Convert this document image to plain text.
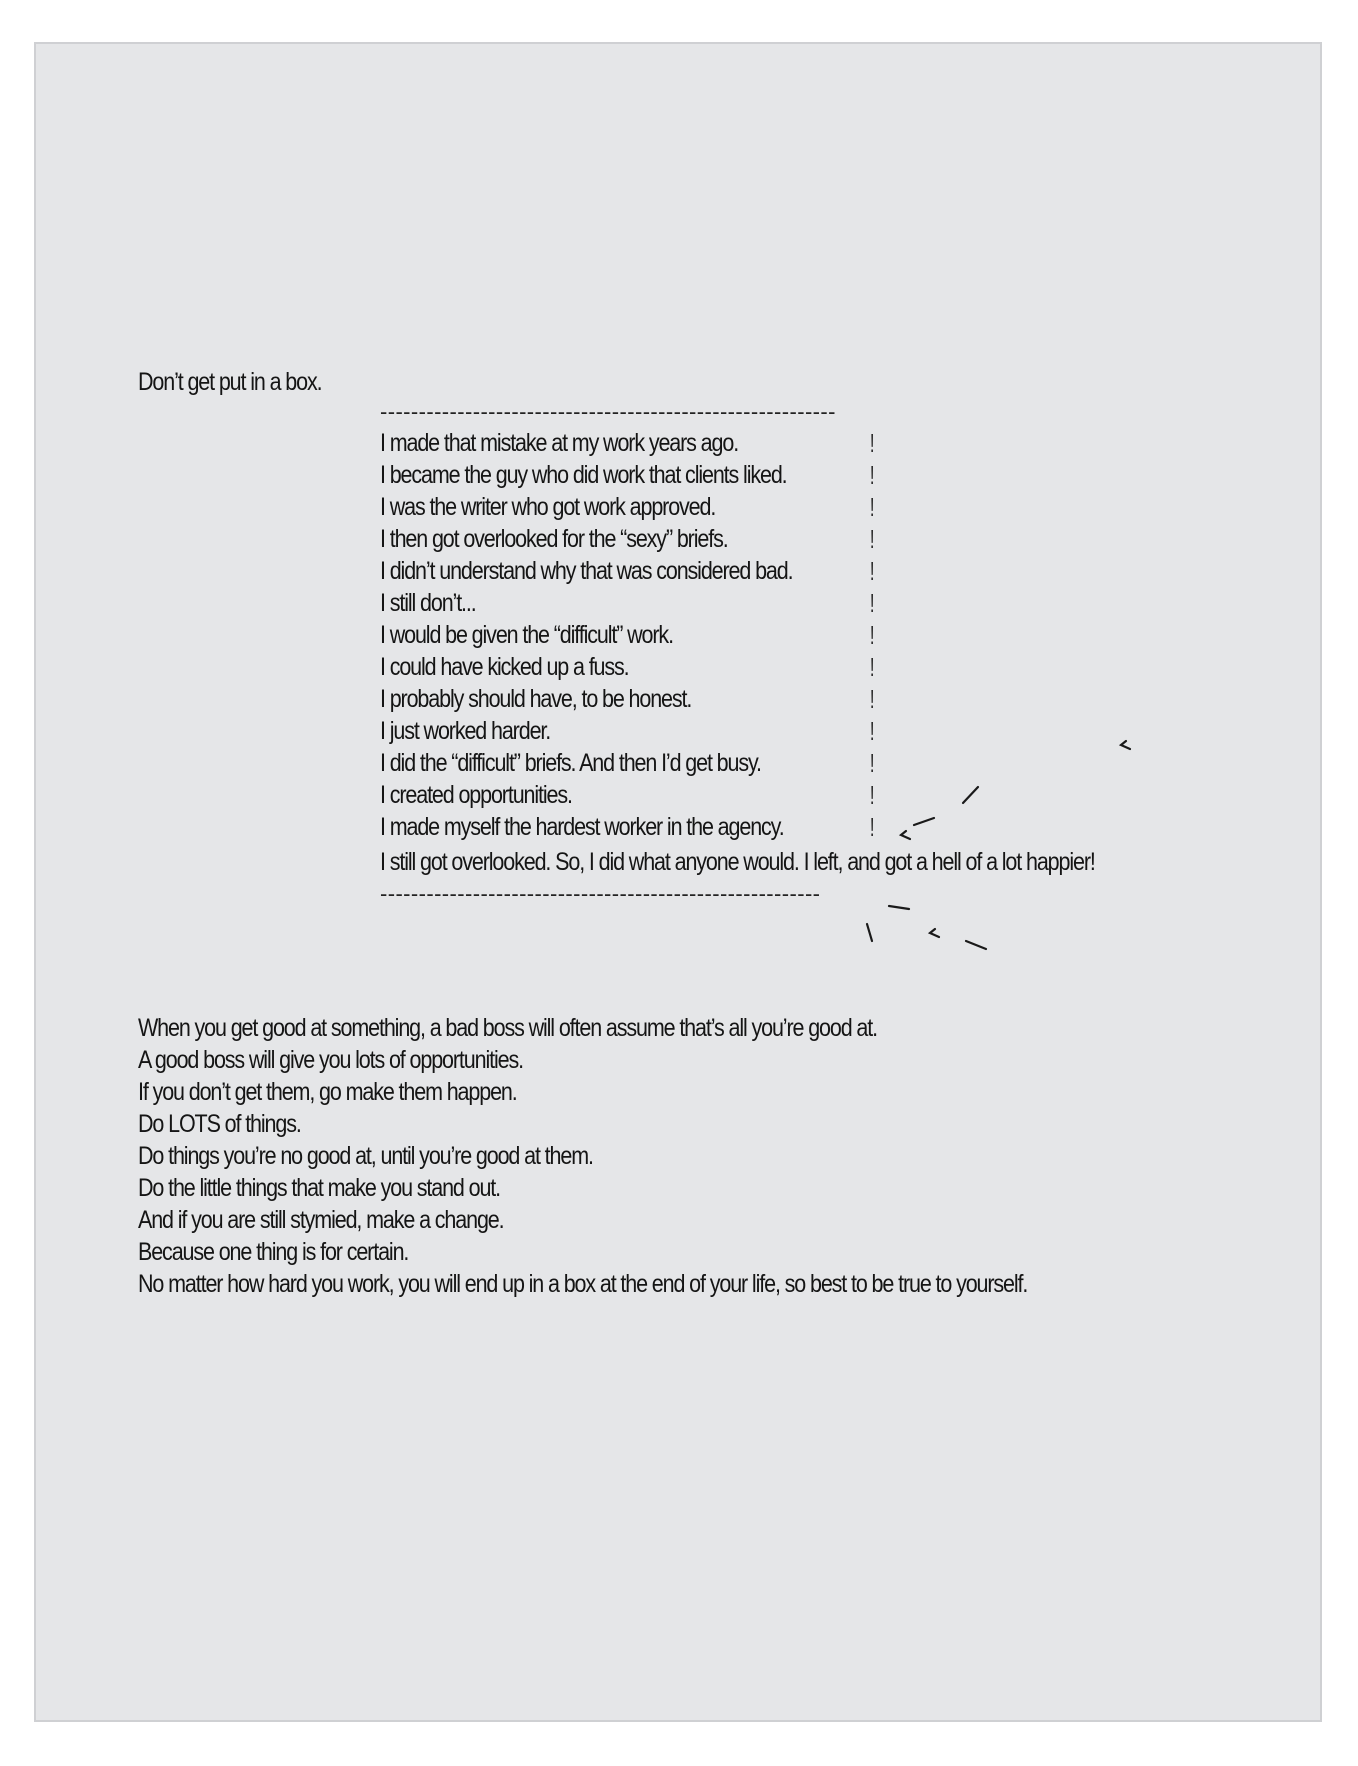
Don’t get put in a box.
-----------------------------------------------------------
I made that mistake at my work years ago.
I became the guy who did work that clients liked.
I was the writer who got work approved.
I then got overlooked for the “sexy” briefs.
I didn’t understand why that was considered bad.
I still don’t...
I would be given the “difficult” work.
I could have kicked up a fuss.
I probably should have, to be honest.
I just worked harder.
I did the “difficult” briefs. And then I’d get busy.
I created opportunities.
I made myself the hardest worker in the agency.
I still got overlooked. So, I did what anyone would. I left, and got a hell of a lot happier!
---------------------------------------------------------
!
!
!
!
!
!
!
!
!
!
!
!
!
When you get good at something, a bad boss will often assume that’s all you’re good at.
A good boss will give you lots of opportunities.
If you don’t get them, go make them happen.
Do LOTS of things.
Do things you’re no good at, until you’re good at them.
Do the little things that make you stand out.
And if you are still stymied, make a change.
Because one thing is for certain.
No matter how hard you work, you will end up in a box at the end of your life, so best to be true to yourself.
